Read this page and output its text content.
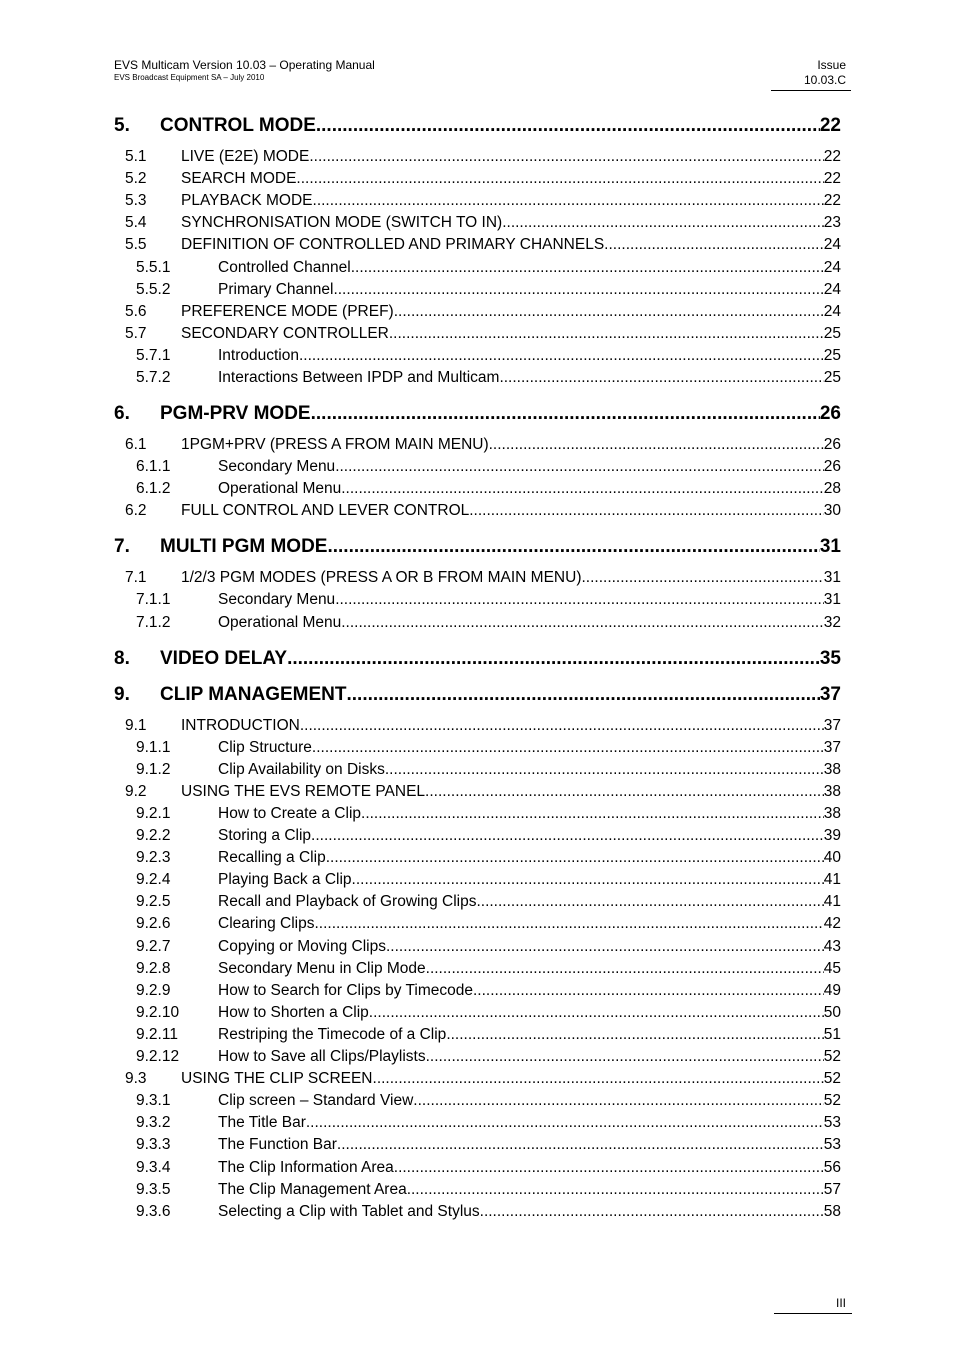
EVS Multicam Version 10.03 – Operating Manual
EVS Broadcast Equipment SA – July 2010
Issue
10.03.C
5.	CONTROL MODE .....	22
5.1	LIVE (E2E) MODE .....	22
5.2	SEARCH MODE .....	22
5.3	PLAYBACK MODE .....	22
5.4	SYNCHRONISATION MODE (SWITCH TO IN) .....	23
5.5	DEFINITION OF CONTROLLED AND PRIMARY CHANNELS .....	24
5.5.1	Controlled Channel .....	24
5.5.2	Primary Channel .....	24
5.6	PREFERENCE MODE (PREF) .....	24
5.7	SECONDARY CONTROLLER .....	25
5.7.1	Introduction .....	25
5.7.2	Interactions Between IPDP and Multicam .....	25
6.	PGM-PRV MODE .....	26
6.1	1PGM+PRV (PRESS A FROM MAIN MENU) .....	26
6.1.1	Secondary Menu .....	26
6.1.2	Operational Menu .....	28
6.2	FULL CONTROL AND LEVER CONTROL .....	30
7.	MULTI PGM MODE .....	31
7.1	1/2/3 PGM MODES (PRESS A OR B FROM MAIN MENU) .....	31
7.1.1	Secondary Menu .....	31
7.1.2	Operational Menu .....	32
8.	VIDEO DELAY .....	35
9.	CLIP MANAGEMENT .....	37
9.1	INTRODUCTION .....	37
9.1.1	Clip Structure .....	37
9.1.2	Clip Availability on Disks .....	38
9.2	USING THE EVS REMOTE PANEL .....	38
9.2.1	How to Create a Clip .....	38
9.2.2	Storing a Clip .....	39
9.2.3	Recalling a Clip .....	40
9.2.4	Playing Back a Clip .....	41
9.2.5	Recall and Playback of Growing Clips .....	41
9.2.6	Clearing Clips .....	42
9.2.7	Copying or Moving Clips .....	43
9.2.8	Secondary Menu in Clip Mode .....	45
9.2.9	How to Search for Clips by Timecode .....	49
9.2.10	How to Shorten a Clip .....	50
9.2.11	Restriping the Timecode of a Clip .....	51
9.2.12	How to Save all Clips/Playlists .....	52
9.3	USING THE CLIP SCREEN .....	52
9.3.1	Clip screen – Standard View .....	52
9.3.2	The Title Bar .....	53
9.3.3	The Function Bar .....	53
9.3.4	The Clip Information Area .....	56
9.3.5	The Clip Management Area .....	57
9.3.6	Selecting a Clip with Tablet and Stylus .....	58
III
